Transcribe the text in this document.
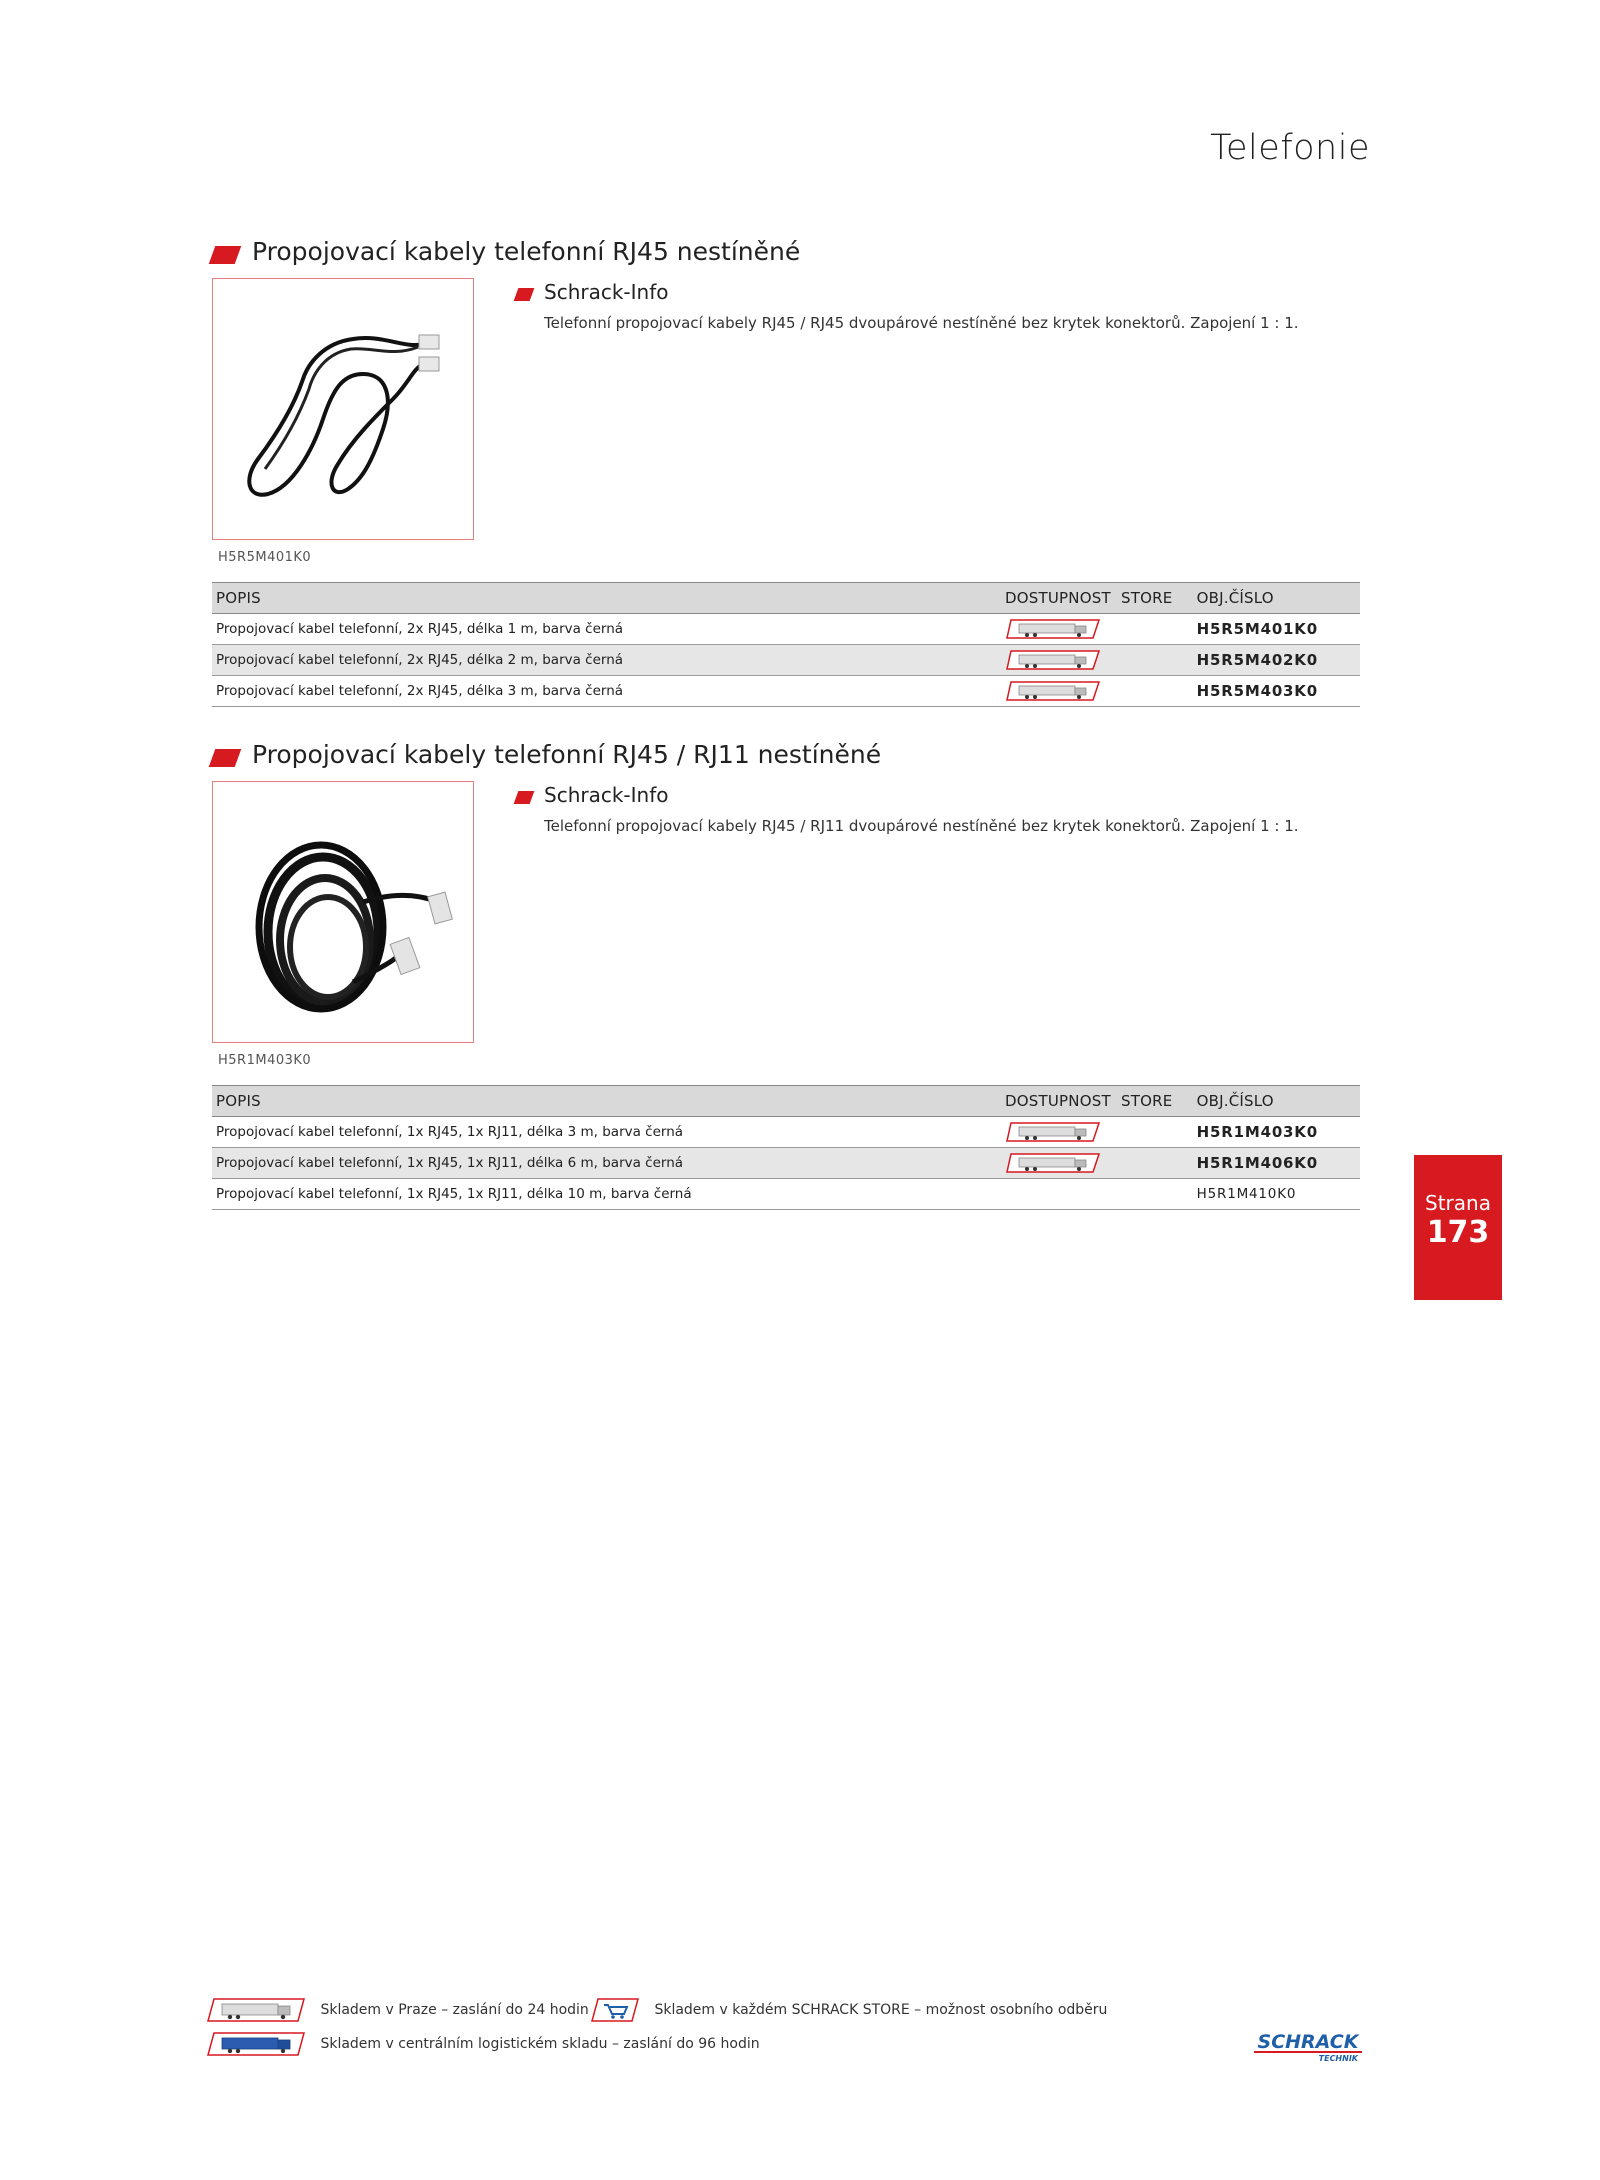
Telefonie
Propojovací kabely telefonní RJ45 nestíněné
H5R5M401K0
Schrack-Info
Telefonní propojovací kabely RJ45 / RJ45 dvoupárové nestíněné bez krytek konektorů. Zapojení 1 : 1.
POPIS	DOSTUPNOST	STORE	OBJ.ČÍSLO
Propojovací kabel telefonní, 2x RJ45, délka 1 m, barva černá			H5R5M401K0
Propojovací kabel telefonní, 2x RJ45, délka 2 m, barva černá			H5R5M402K0
Propojovací kabel telefonní, 2x RJ45, délka 3 m, barva černá			H5R5M403K0
Propojovací kabely telefonní RJ45 / RJ11 nestíněné
H5R1M403K0
Schrack-Info
Telefonní propojovací kabely RJ45 / RJ11 dvoupárové nestíněné bez krytek konektorů. Zapojení 1 : 1.
POPIS	DOSTUPNOST	STORE	OBJ.ČÍSLO
Propojovací kabel telefonní, 1x RJ45, 1x RJ11, délka 3 m, barva černá			H5R1M403K0
Propojovací kabel telefonní, 1x RJ45, 1x RJ11, délka 6 m, barva černá			H5R1M406K0
Propojovací kabel telefonní, 1x RJ45, 1x RJ11, délka 10 m, barva černá			H5R1M410K0	Strana
173
Skladem v Praze – zaslání do 24 hodin	Skladem v každém SCHRACK STORE – možnost osobního odběru
Skladem v centrálním logistickém skladu – zaslání do 96 hodin	SCHRACK
TECHNIK
